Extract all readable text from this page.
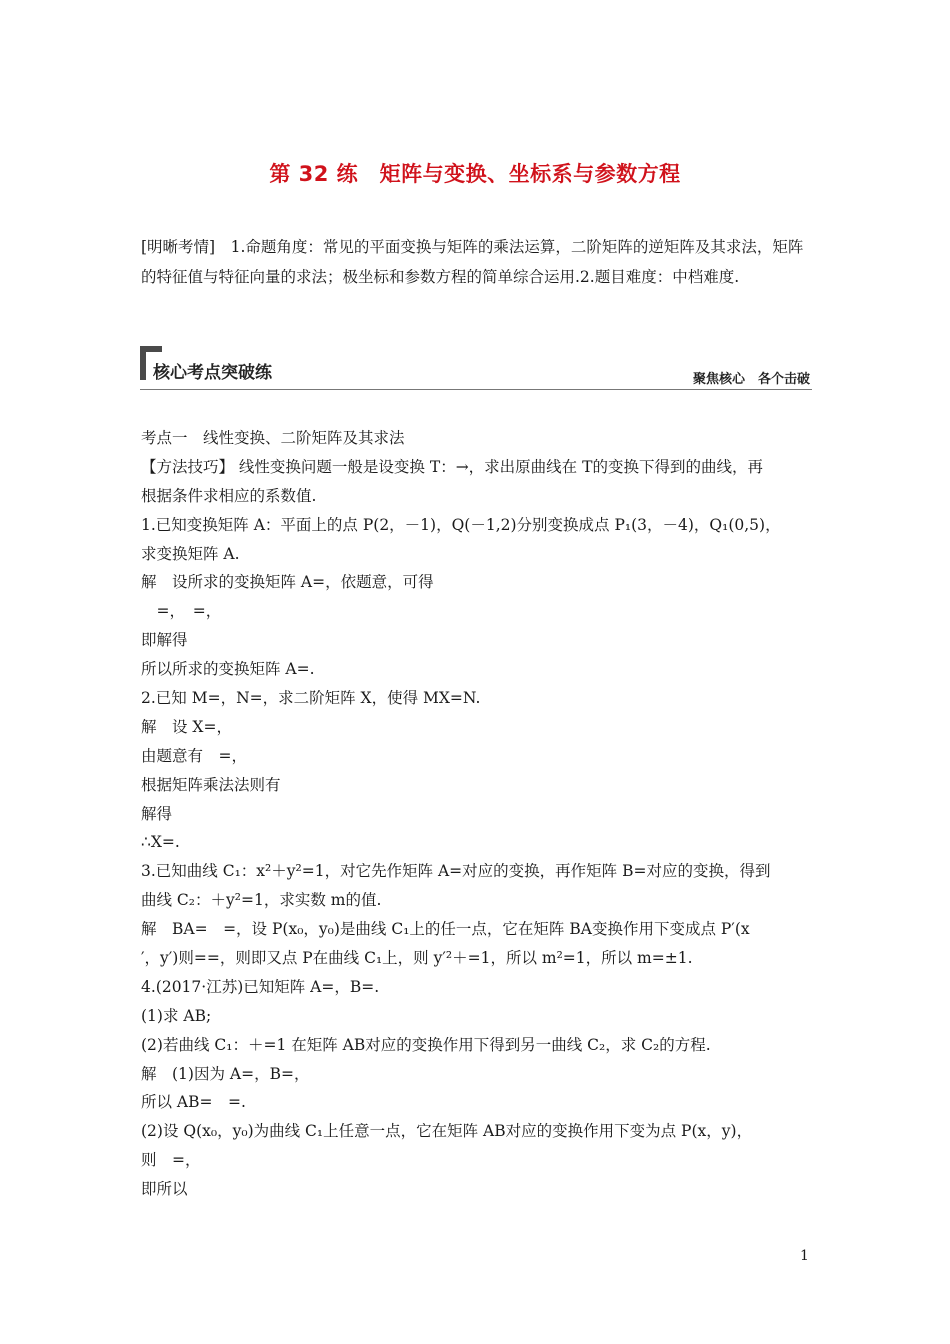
第 32 练　矩阵与变换、坐标系与参数方程
[明晰考情]　1.命题角度：常见的平面变换与矩阵的乘法运算，二阶矩阵的逆矩阵及其求法，矩阵的特征值与特征向量的求法；极坐标和参数方程的简单综合运用.2.题目难度：中档难度.
核心考点突破练	聚焦核心　各个击破
考点一　线性变换、二阶矩阵及其求法
【方法技巧】 线性变换问题一般是设变换 T：→，求出原曲线在 T的变换下得到的曲线，再
根据条件求相应的系数值.
1.已知变换矩阵 A：平面上的点 P(2，－1)，Q(－1,2)分别变换成点 P₁(3，－4)，Q₁(0,5)，
求变换矩阵 A.
解　设所求的变换矩阵 A=，依题意，可得
　=，　=，
即解得
所以所求的变换矩阵 A=.
2.已知 M=，N=，求二阶矩阵 X，使得 MX=N.
解　设 X=，
由题意有　=，
根据矩阵乘法法则有
解得
∴X=.
3.已知曲线 C₁：x²＋y²=1，对它先作矩阵 A=对应的变换，再作矩阵 B=对应的变换，得到
曲线 C₂：＋y²=1，求实数 m的值.
解　BA=　=，设 P(x₀，y₀)是曲线 C₁上的任一点，它在矩阵 BA变换作用下变成点 P′(x
′，y′)则==，则即又点 P在曲线 C₁上，则 y′²＋=1，所以 m²=1，所以 m=±1.
4.(2017·江苏)已知矩阵 A=，B=.
(1)求 AB;
(2)若曲线 C₁：＋=1 在矩阵 AB对应的变换作用下得到另一曲线 C₂，求 C₂的方程.
解　(1)因为 A=，B=，
所以 AB=　=.
(2)设 Q(x₀，y₀)为曲线 C₁上任意一点，它在矩阵 AB对应的变换作用下变为点 P(x，y)，
则　=，
即所以
1
